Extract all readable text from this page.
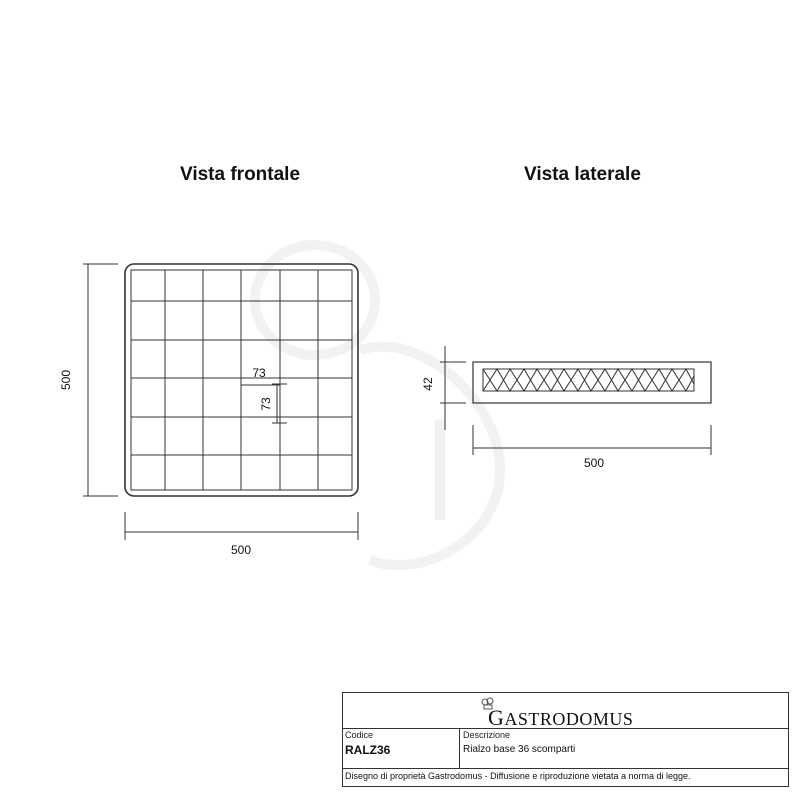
Vista frontale	Vista laterale
500
500
73
73
42
500
GASTRODOMUS
Codice	Descrizione
RALZ36	Rialzo base 36 scomparti
Disegno di proprietà Gastrodomus - Diffusione e riproduzione vietata a norma di legge.
